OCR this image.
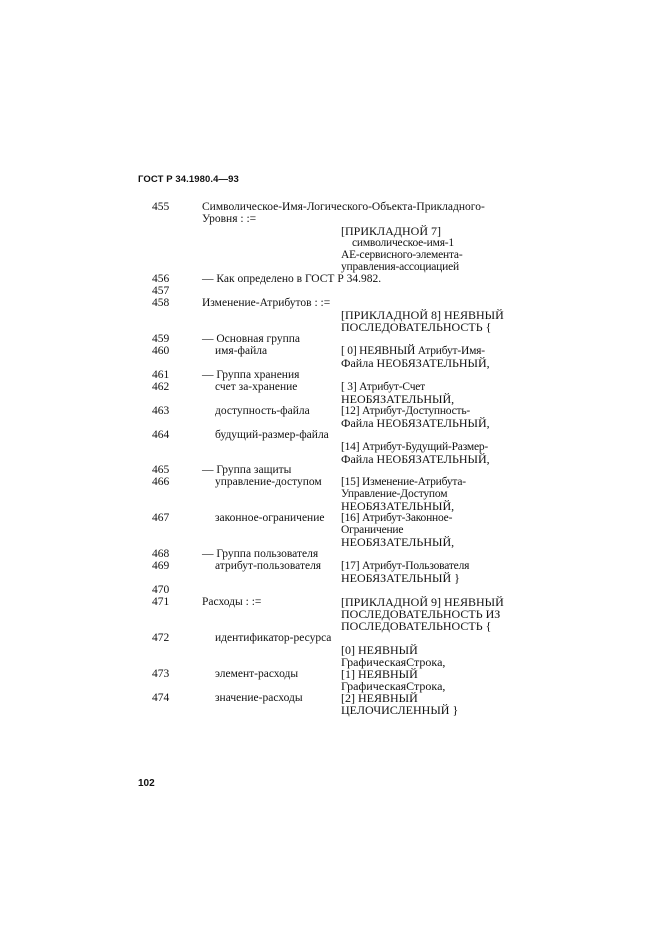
ГОСТ Р 34.1980.4—93
455
456
457
458
459
460
461
462
463
464
465
466
467
468
469
470
471
472
473
474
Символическое-Имя-Логического-Объекта-Прикладного-
Уровня : :=
— Как определено в ГОСТ Р 34.982.
Изменение-Атрибутов : :=
— Основная группа
имя-файла
— Группа хранения
счет за-хранение
доступность-файла
будущий-размер-файла
— Группа защиты
управление-доступом
законное-ограничение
— Группа пользователя
атрибут-пользователя
Расходы : :=
идентификатор-ресурса
элемент-расходы
значение-расходы
[ПРИКЛАДНОЙ 7]
символическое-имя-1
АЕ-сервисного-элемента-
управления-ассоциацией
[ПРИКЛАДНОЙ 8] НЕЯВНЫЙ
ПОСЛЕДОВАТЕЛЬНОСТЬ {
[ 0] НЕЯВНЫЙ Атрибут-Имя-
Файла НЕОБЯЗАТЕЛЬНЫЙ,
[ 3] Атрибут-Счет
НЕОБЯЗАТЕЛЬНЫЙ,
[12] Атрибут-Доступность-
Файла НЕОБЯЗАТЕЛЬНЫЙ,
[14] Атрибут-Будущий-Размер-
Файла НЕОБЯЗАТЕЛЬНЫЙ,
[15] Изменение-Атрибута-
Управление-Доступом
НЕОБЯЗАТЕЛЬНЫЙ,
[16] Атрибут-Законное-
Ограничение
НЕОБЯЗАТЕЛЬНЫЙ,
[17] Атрибут-Пользователя
НЕОБЯЗАТЕЛЬНЫЙ }
[ПРИКЛАДНОЙ 9] НЕЯВНЫЙ
ПОСЛЕДОВАТЕЛЬНОСТЬ ИЗ
ПОСЛЕДОВАТЕЛЬНОСТЬ {
[0] НЕЯВНЫЙ
ГрафическаяСтрока,
[1] НЕЯВНЫЙ
ГрафическаяСтрока,
[2] НЕЯВНЫЙ
ЦЕЛОЧИСЛЕННЫЙ }
102
